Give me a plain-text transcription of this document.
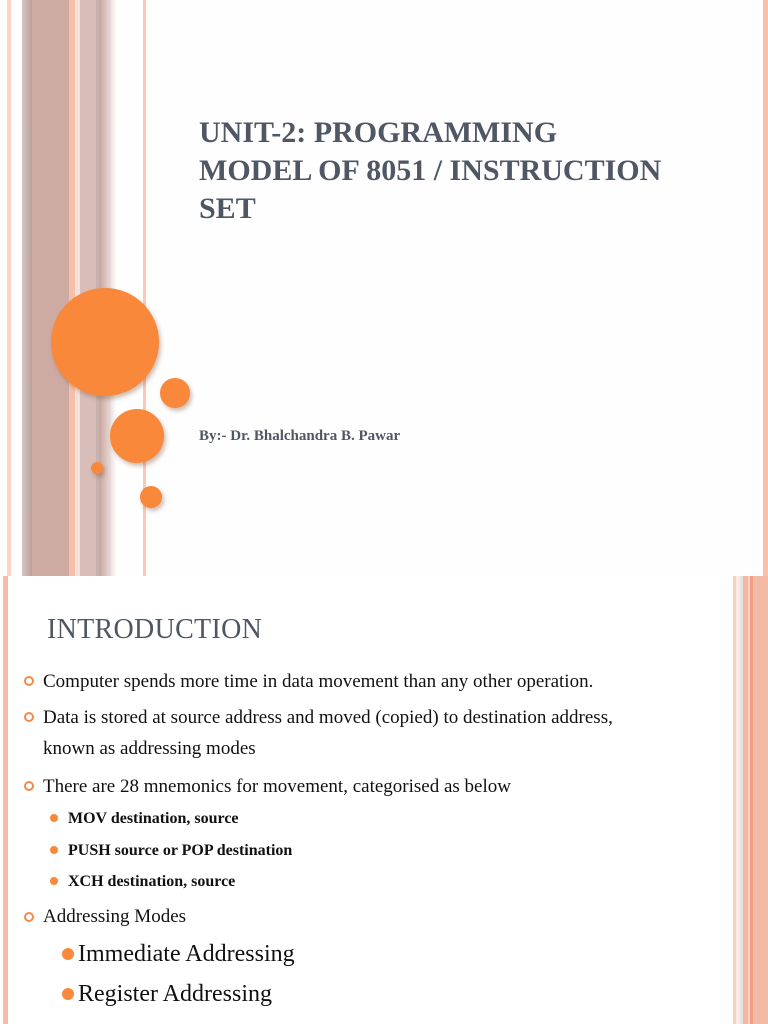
UNIT-2: PROGRAMMING
MODEL OF 8051 / INSTRUCTION
SET
By:- Dr. Bhalchandra B. Pawar
INTRODUCTION
Computer spends more time in data movement than any other operation.
Data is stored at source address and moved (copied) to destination address,
known as addressing modes
There are 28 mnemonics for movement, categorised as below
MOV destination, source
PUSH source or POP destination
XCH destination, source
Addressing Modes
Immediate Addressing
Register Addressing
